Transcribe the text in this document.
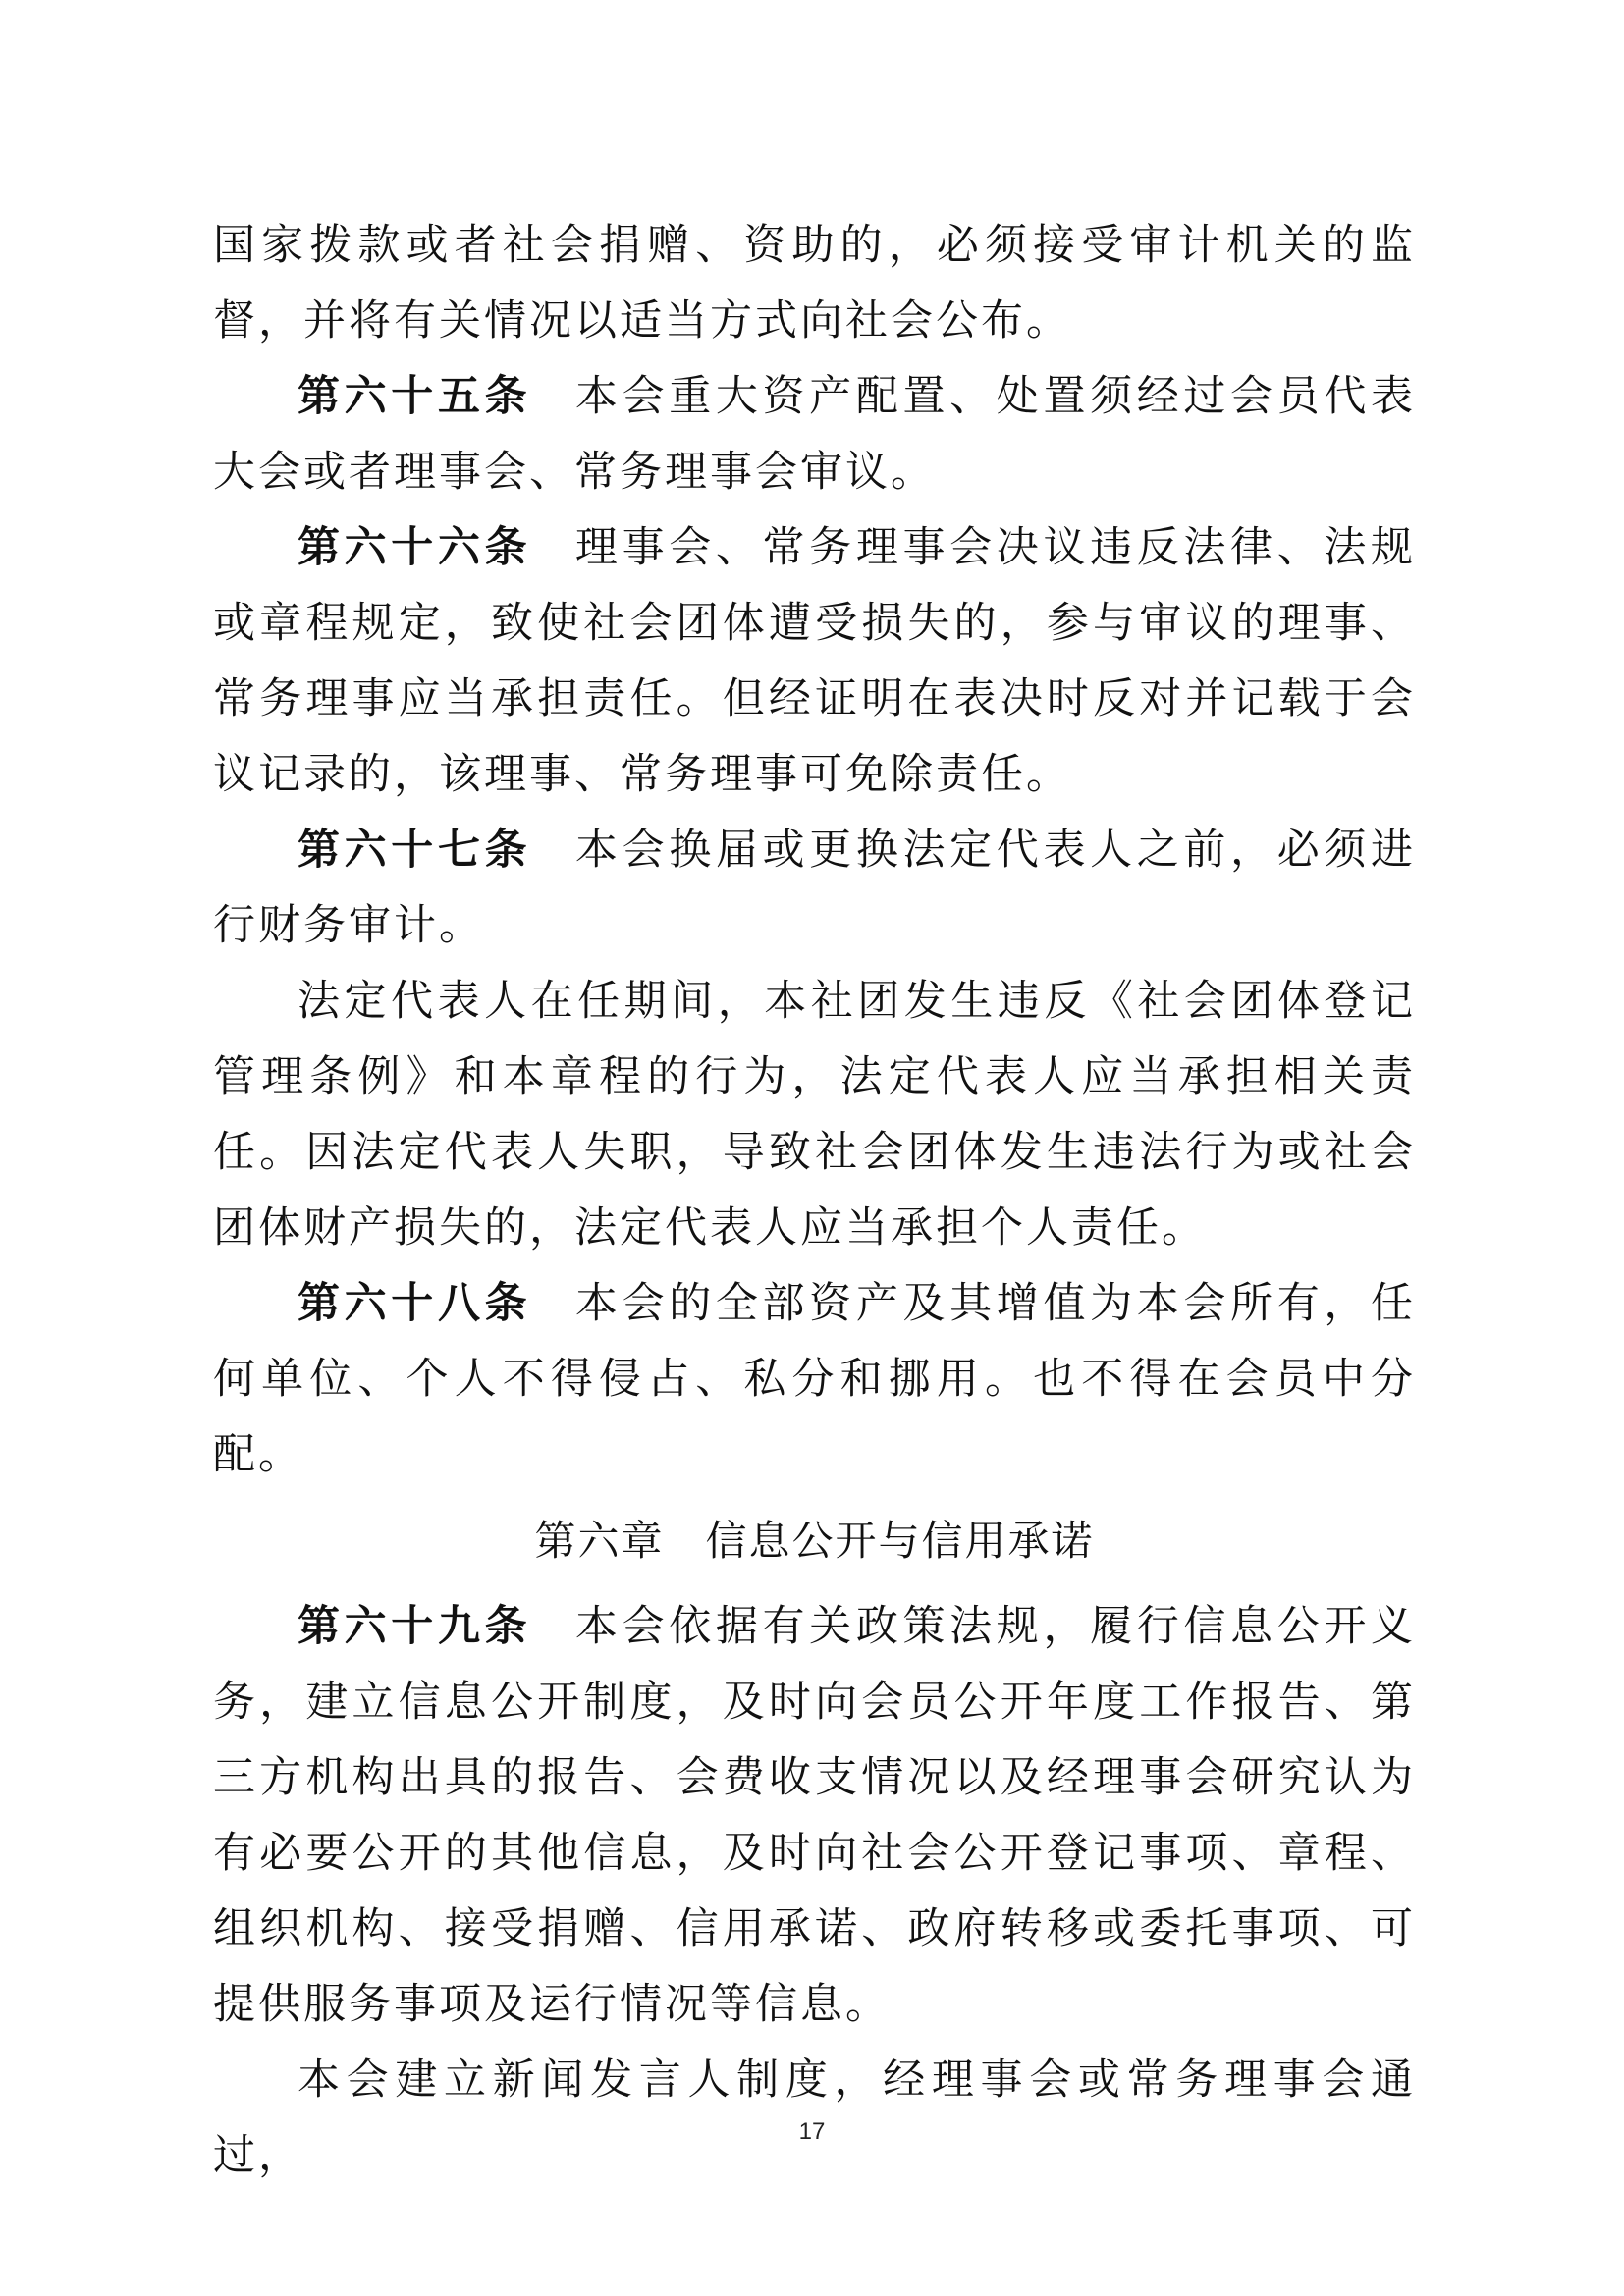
国家拨款或者社会捐赠、资助的，必须接受审计机关的监督，并将有关情况以适当方式向社会公布。

第六十五条 本会重大资产配置、处置须经过会员代表大会或者理事会、常务理事会审议。

第六十六条 理事会、常务理事会决议违反法律、法规或章程规定，致使社会团体遭受损失的，参与审议的理事、常务理事应当承担责任。但经证明在表决时反对并记载于会议记录的，该理事、常务理事可免除责任。

第六十七条 本会换届或更换法定代表人之前，必须进行财务审计。

法定代表人在任期间，本社团发生违反《社会团体登记管理条例》和本章程的行为，法定代表人应当承担相关责任。因法定代表人失职，导致社会团体发生违法行为或社会团体财产损失的，法定代表人应当承担个人责任。

第六十八条 本会的全部资产及其增值为本会所有，任何单位、个人不得侵占、私分和挪用。也不得在会员中分配。

第六章 信息公开与信用承诺

第六十九条 本会依据有关政策法规，履行信息公开义务，建立信息公开制度，及时向会员公开年度工作报告、第三方机构出具的报告、会费收支情况以及经理事会研究认为有必要公开的其他信息，及时向社会公开登记事项、章程、组织机构、接受捐赠、信用承诺、政府转移或委托事项、可提供服务事项及运行情况等信息。

本会建立新闻发言人制度，经理事会或常务理事会通过，	17
